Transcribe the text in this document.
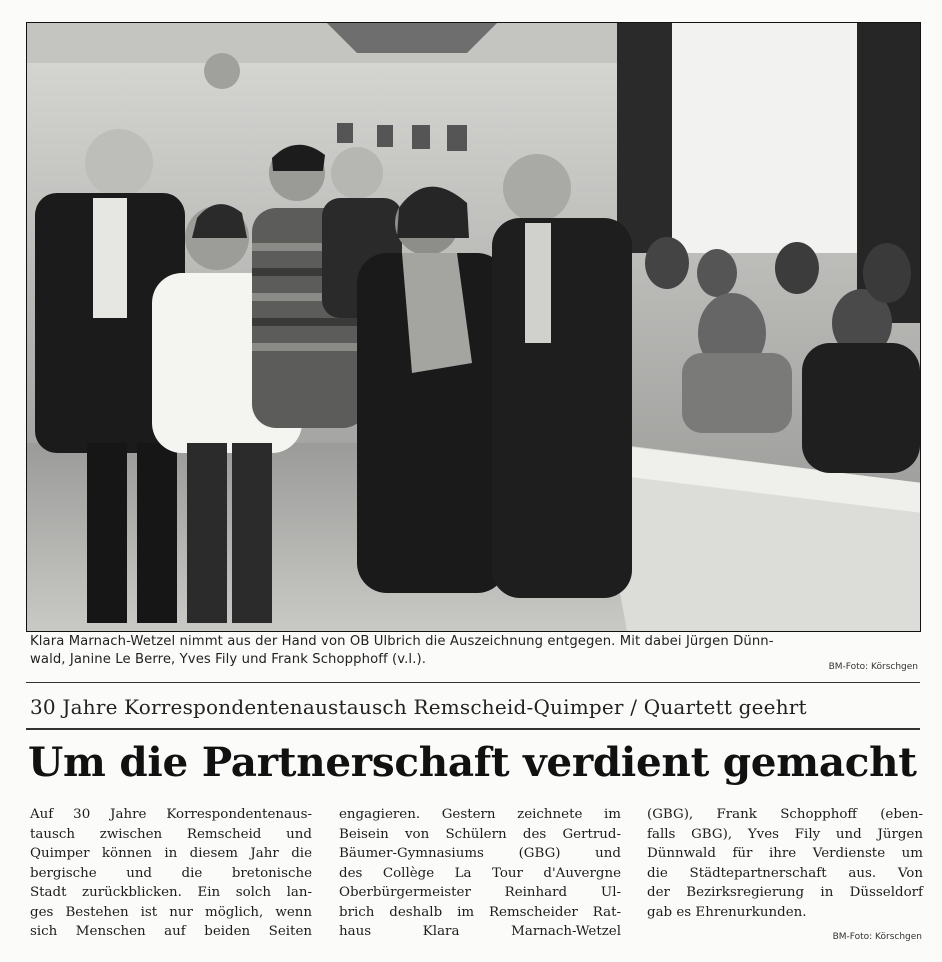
Klara Marnach-Wetzel nimmt aus der Hand von OB Ulbrich die Auszeichnung entgegen. Mit dabei Jürgen Dünn-
wald, Janine Le Berre, Yves Fily und Frank Schopphoff (v.l.).	BM-Foto: Körschgen
30 Jahre Korrespondentenaustausch Remscheid-Quimper / Quartett geehrt
Um die Partnerschaft verdient gemacht
Auf 30 Jahre Korrespondentenaus-
tausch zwischen Remscheid und
Quimper können in diesem Jahr die
bergische und die bretonische
Stadt zurückblicken. Ein solch lan-
ges Bestehen ist nur möglich, wenn
sich Menschen auf beiden Seiten
engagieren. Gestern zeichnete im
Beisein von Schülern des Gertrud-
Bäumer-Gymnasiums (GBG) und
des Collège La Tour d'Auvergne
Oberbürgermeister Reinhard Ul-
brich deshalb im Remscheider Rat-
haus Klara Marnach-Wetzel
(GBG), Frank Schopphoff (eben-
falls GBG), Yves Fily und Jürgen
Dünnwald für ihre Verdienste um
die Städtepartnerschaft aus. Von
der Bezirksregierung in Düsseldorf
gab es Ehrenurkunden.
BM-Foto: Körschgen
